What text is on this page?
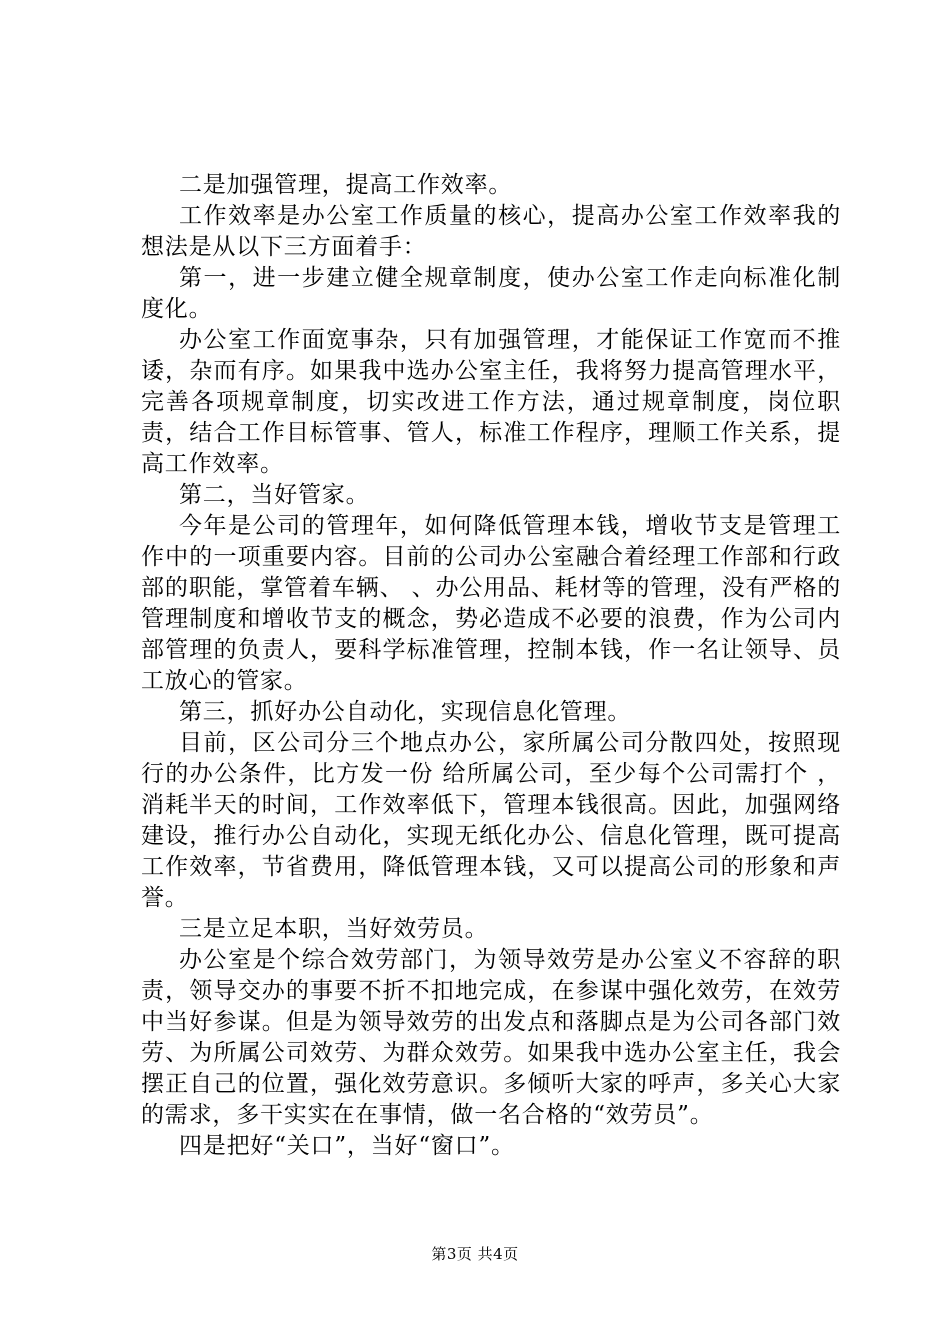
二是加强管理，提高工作效率。

工作效率是办公室工作质量的核心，提高办公室工作效率我的想法是从以下三方面着手：

第一，进一步建立健全规章制度，使办公室工作走向标准化制度化。

办公室工作面宽事杂，只有加强管理，才能保证工作宽而不推诿，杂而有序。如果我中选办公室主任，我将努力提高管理水平，完善各项规章制度，切实改进工作方法，通过规章制度，岗位职责，结合工作目标管事、管人，标准工作程序，理顺工作关系，提高工作效率。

第二，当好管家。

今年是公司的管理年，如何降低管理本钱，增收节支是管理工作中的一项重要内容。目前的公司办公室融合着经理工作部和行政部的职能，掌管着车辆、 、办公用品、耗材等的管理，没有严格的管理制度和增收节支的概念，势必造成不必要的浪费，作为公司内部管理的负责人，要科学标准管理，控制本钱，作一名让领导、员工放心的管家。

第三，抓好办公自动化，实现信息化管理。

目前，区公司分三个地点办公，家所属公司分散四处，按照现行的办公条件，比方发一份 给所属公司，至少每个公司需打个 ，消耗半天的时间，工作效率低下，管理本钱很高。因此，加强网络建设，推行办公自动化，实现无纸化办公、信息化管理，既可提高工作效率，节省费用，降低管理本钱，又可以提高公司的形象和声誉。

三是立足本职，当好效劳员。

办公室是个综合效劳部门，为领导效劳是办公室义不容辞的职责，领导交办的事要不折不扣地完成，在参谋中强化效劳，在效劳中当好参谋。但是为领导效劳的出发点和落脚点是为公司各部门效劳、为所属公司效劳、为群众效劳。如果我中选办公室主任，我会摆正自己的位置，强化效劳意识。多倾听大家的呼声，多关心大家的需求，多干实实在在事情，做一名合格的“效劳员”。

四是把好“关口”，当好“窗口”。

第3页 共4页
